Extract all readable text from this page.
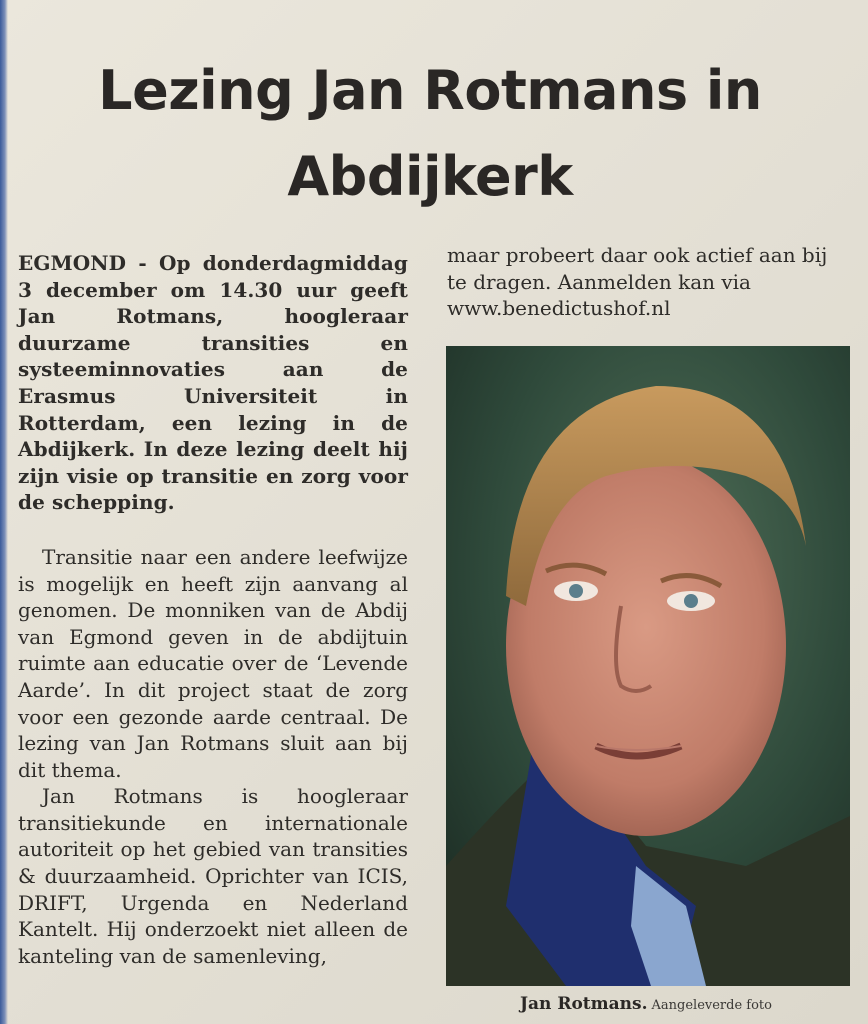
Lezing Jan Rotmans in Abdijkerk

EGMOND - Op donderdagmiddag 3 december om 14.30 uur geeft Jan Rotmans, hoogleraar duurzame transities en systeeminnovaties aan de Erasmus Universiteit in Rotterdam, een lezing in de Abdijkerk. In deze lezing deelt hij zijn visie op transitie en zorg voor de schepping.

Transitie naar een andere leefwijze is mogelijk en heeft zijn aanvang al genomen. De monniken van de Abdij van Egmond geven in de abdijtuin ruimte aan educatie over de ‘Levende Aarde’. In dit project staat de zorg voor een gezonde aarde centraal. De lezing van Jan Rotmans sluit aan bij dit thema.

Jan Rotmans is hoogleraar transitiekunde en internationale autoriteit op het gebied van transities & duurzaamheid. Oprichter van ICIS, DRIFT, Urgenda en Nederland Kantelt. Hij onderzoekt niet alleen de kanteling van de samenleving,

maar probeert daar ook actief aan bij te dragen. Aanmelden kan via
www.benedictushof.nl

Jan Rotmans. Aangeleverde foto
